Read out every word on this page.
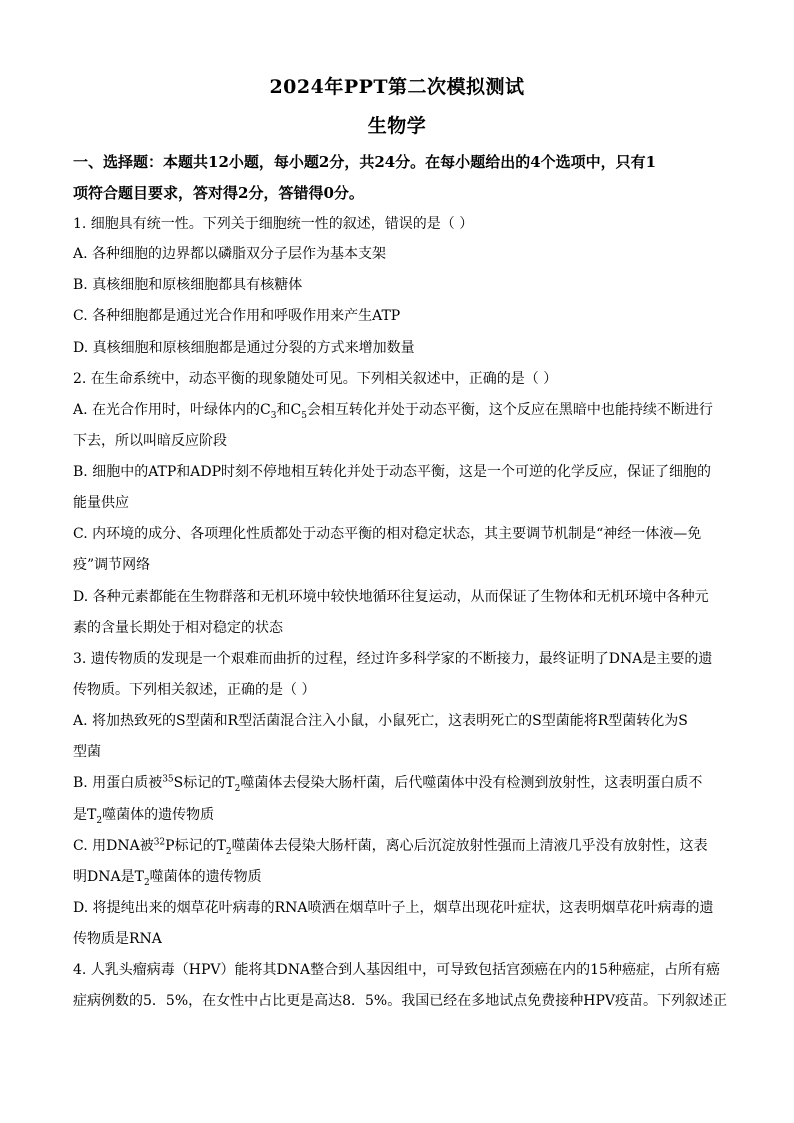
2024年PPT第二次模拟测试
生物学
一、选择题：本题共12小题，每小题2分，共24分。在每小题给出的4个选项中，只有1
项符合题目要求，答对得2分，答错得0分。
1. 细胞具有统一性。下列关于细胞统一性的叙述，错误的是（ ）
A. 各种细胞的边界都以磷脂双分子层作为基本支架
B. 真核细胞和原核细胞都具有核糖体
C. 各种细胞都是通过光合作用和呼吸作用来产生ATP
D. 真核细胞和原核细胞都是通过分裂的方式来增加数量
2. 在生命系统中，动态平衡的现象随处可见。下列相关叙述中，正确的是（ ）
A. 在光合作用时，叶绿体内的$C_3$和$C_5$会相互转化并处于动态平衡，这个反应在黑暗中也能持续不断进行
下去，所以叫暗反应阶段
B. 细胞中的ATP和ADP时刻不停地相互转化并处于动态平衡，这是一个可逆的化学反应，保证了细胞的
能量供应
C. 内环境的成分、各项理化性质都处于动态平衡的相对稳定状态，其主要调节机制是“神经一体液—免
疫”调节网络
D. 各种元素都能在生物群落和无机环境中较快地循环往复运动，从而保证了生物体和无机环境中各种元
素的含量长期处于相对稳定的状态
3. 遗传物质的发现是一个艰难而曲折的过程，经过许多科学家的不断接力，最终证明了DNA是主要的遗
传物质。下列相关叙述，正确的是（ ）
A. 将加热致死的S型菌和R型活菌混合注入小鼠，小鼠死亡，这表明死亡的S型菌能将R型菌转化为S
型菌
B. 用蛋白质被$^{35}$S标记的$T_2$噬菌体去侵染大肠杆菌，后代噬菌体中没有检测到放射性，这表明蛋白质不
是$T_2$噬菌体的遗传物质
C. 用DNA被$^{32}$P标记的$T_2$噬菌体去侵染大肠杆菌，离心后沉淀放射性强而上清液几乎没有放射性，这表
明DNA是$T_2$噬菌体的遗传物质
D. 将提纯出来的烟草花叶病毒的RNA喷洒在烟草叶子上，烟草出现花叶症状，这表明烟草花叶病毒的遗
传物质是RNA
4. 人乳头瘤病毒（HPV）能将其DNA整合到人基因组中，可导致包括宫颈癌在内的15种癌症，占所有癌
症病例数的5．5%，在女性中占比更是高达8．5%。我国已经在多地试点免费接种HPV疫苗。下列叙述正
